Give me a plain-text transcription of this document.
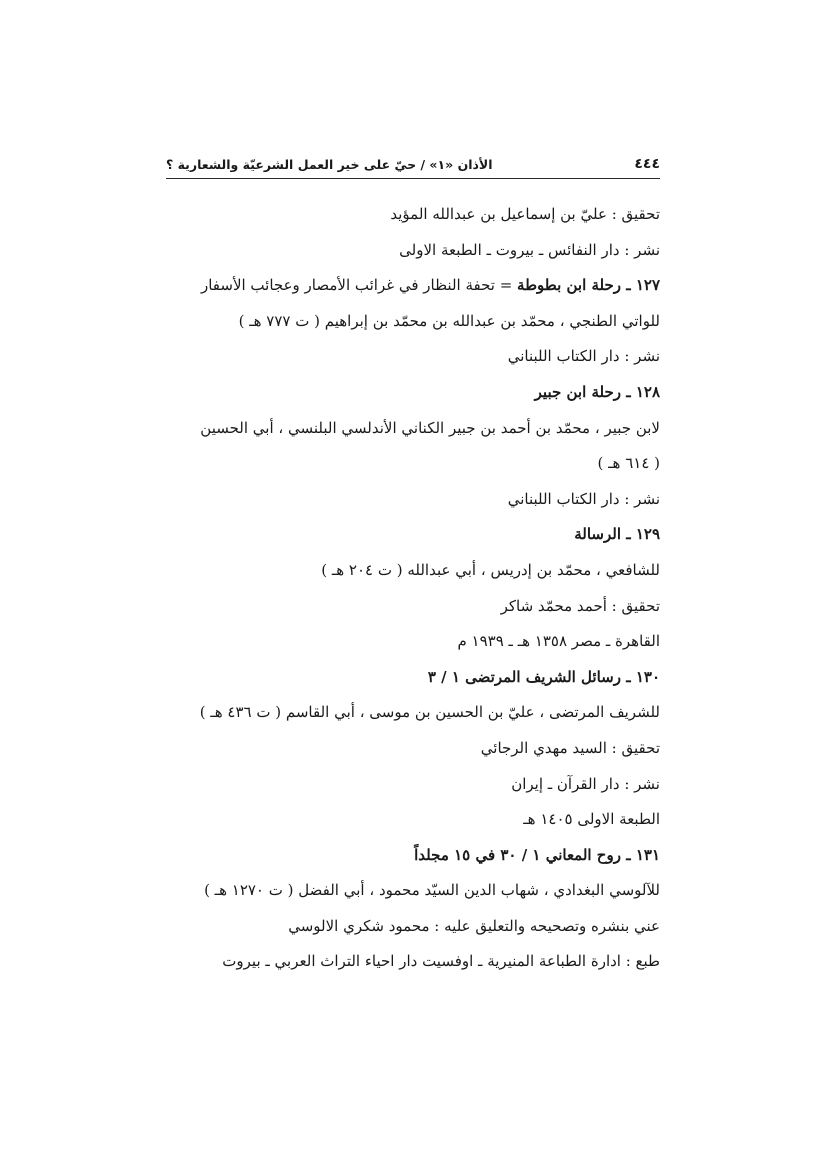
٤٤٤
الأذان «١» / حيّ على خير العمل الشرعيّة والشعارية ؟
تحقيق : عليّ بن إسماعيل بن عبدالله المؤيد
نشر : دار النفائس ـ بيروت ـ الطبعة الاولى
١٢٧ ـ رحلة ابن بطوطة = تحفة النظار في غرائب الأمصار وعجائب الأسفار
للواتي الطنجي ، محمّد بن عبدالله بن محمّد بن إبراهيم ( ت ٧٧٧ هـ )
نشر : دار الكتاب اللبناني
١٢٨ ـ رحلة ابن جبير
لابن جبير ، محمّد بن أحمد بن جبير الكناني الأندلسي البلنسي ، أبي الحسين
( ٦١٤ هـ )
نشر : دار الكتاب اللبناني
١٢٩ ـ الرسالة
للشافعي ، محمّد بن إدريس ، أبي عبدالله ( ت ٢٠٤ هـ )
تحقيق : أحمد محمّد شاكر
القاهرة ـ مصر ١٣٥٨ هـ ـ ١٩٣٩ م
١٣٠ ـ رسائل الشريف المرتضى ١ / ٣
للشريف المرتضى ، عليّ بن الحسين بن موسى ، أبي القاسم ( ت ٤٣٦ هـ )
تحقيق : السيد مهدي الرجائي
نشر : دار القرآن ـ إيران
الطبعة الاولى ١٤٠٥ هـ
١٣١ ـ روح المعاني ١ / ٣٠ في ١٥ مجلداً
للآلوسي البغدادي ، شهاب الدين السيّد محمود ، أبي الفضل ( ت ١٢٧٠ هـ )
عني بنشره وتصحيحه والتعليق عليه : محمود شكري الالوسي
طبع : ادارة الطباعة المنيرية ـ اوفسيت دار احياء التراث العربي ـ بيروت
